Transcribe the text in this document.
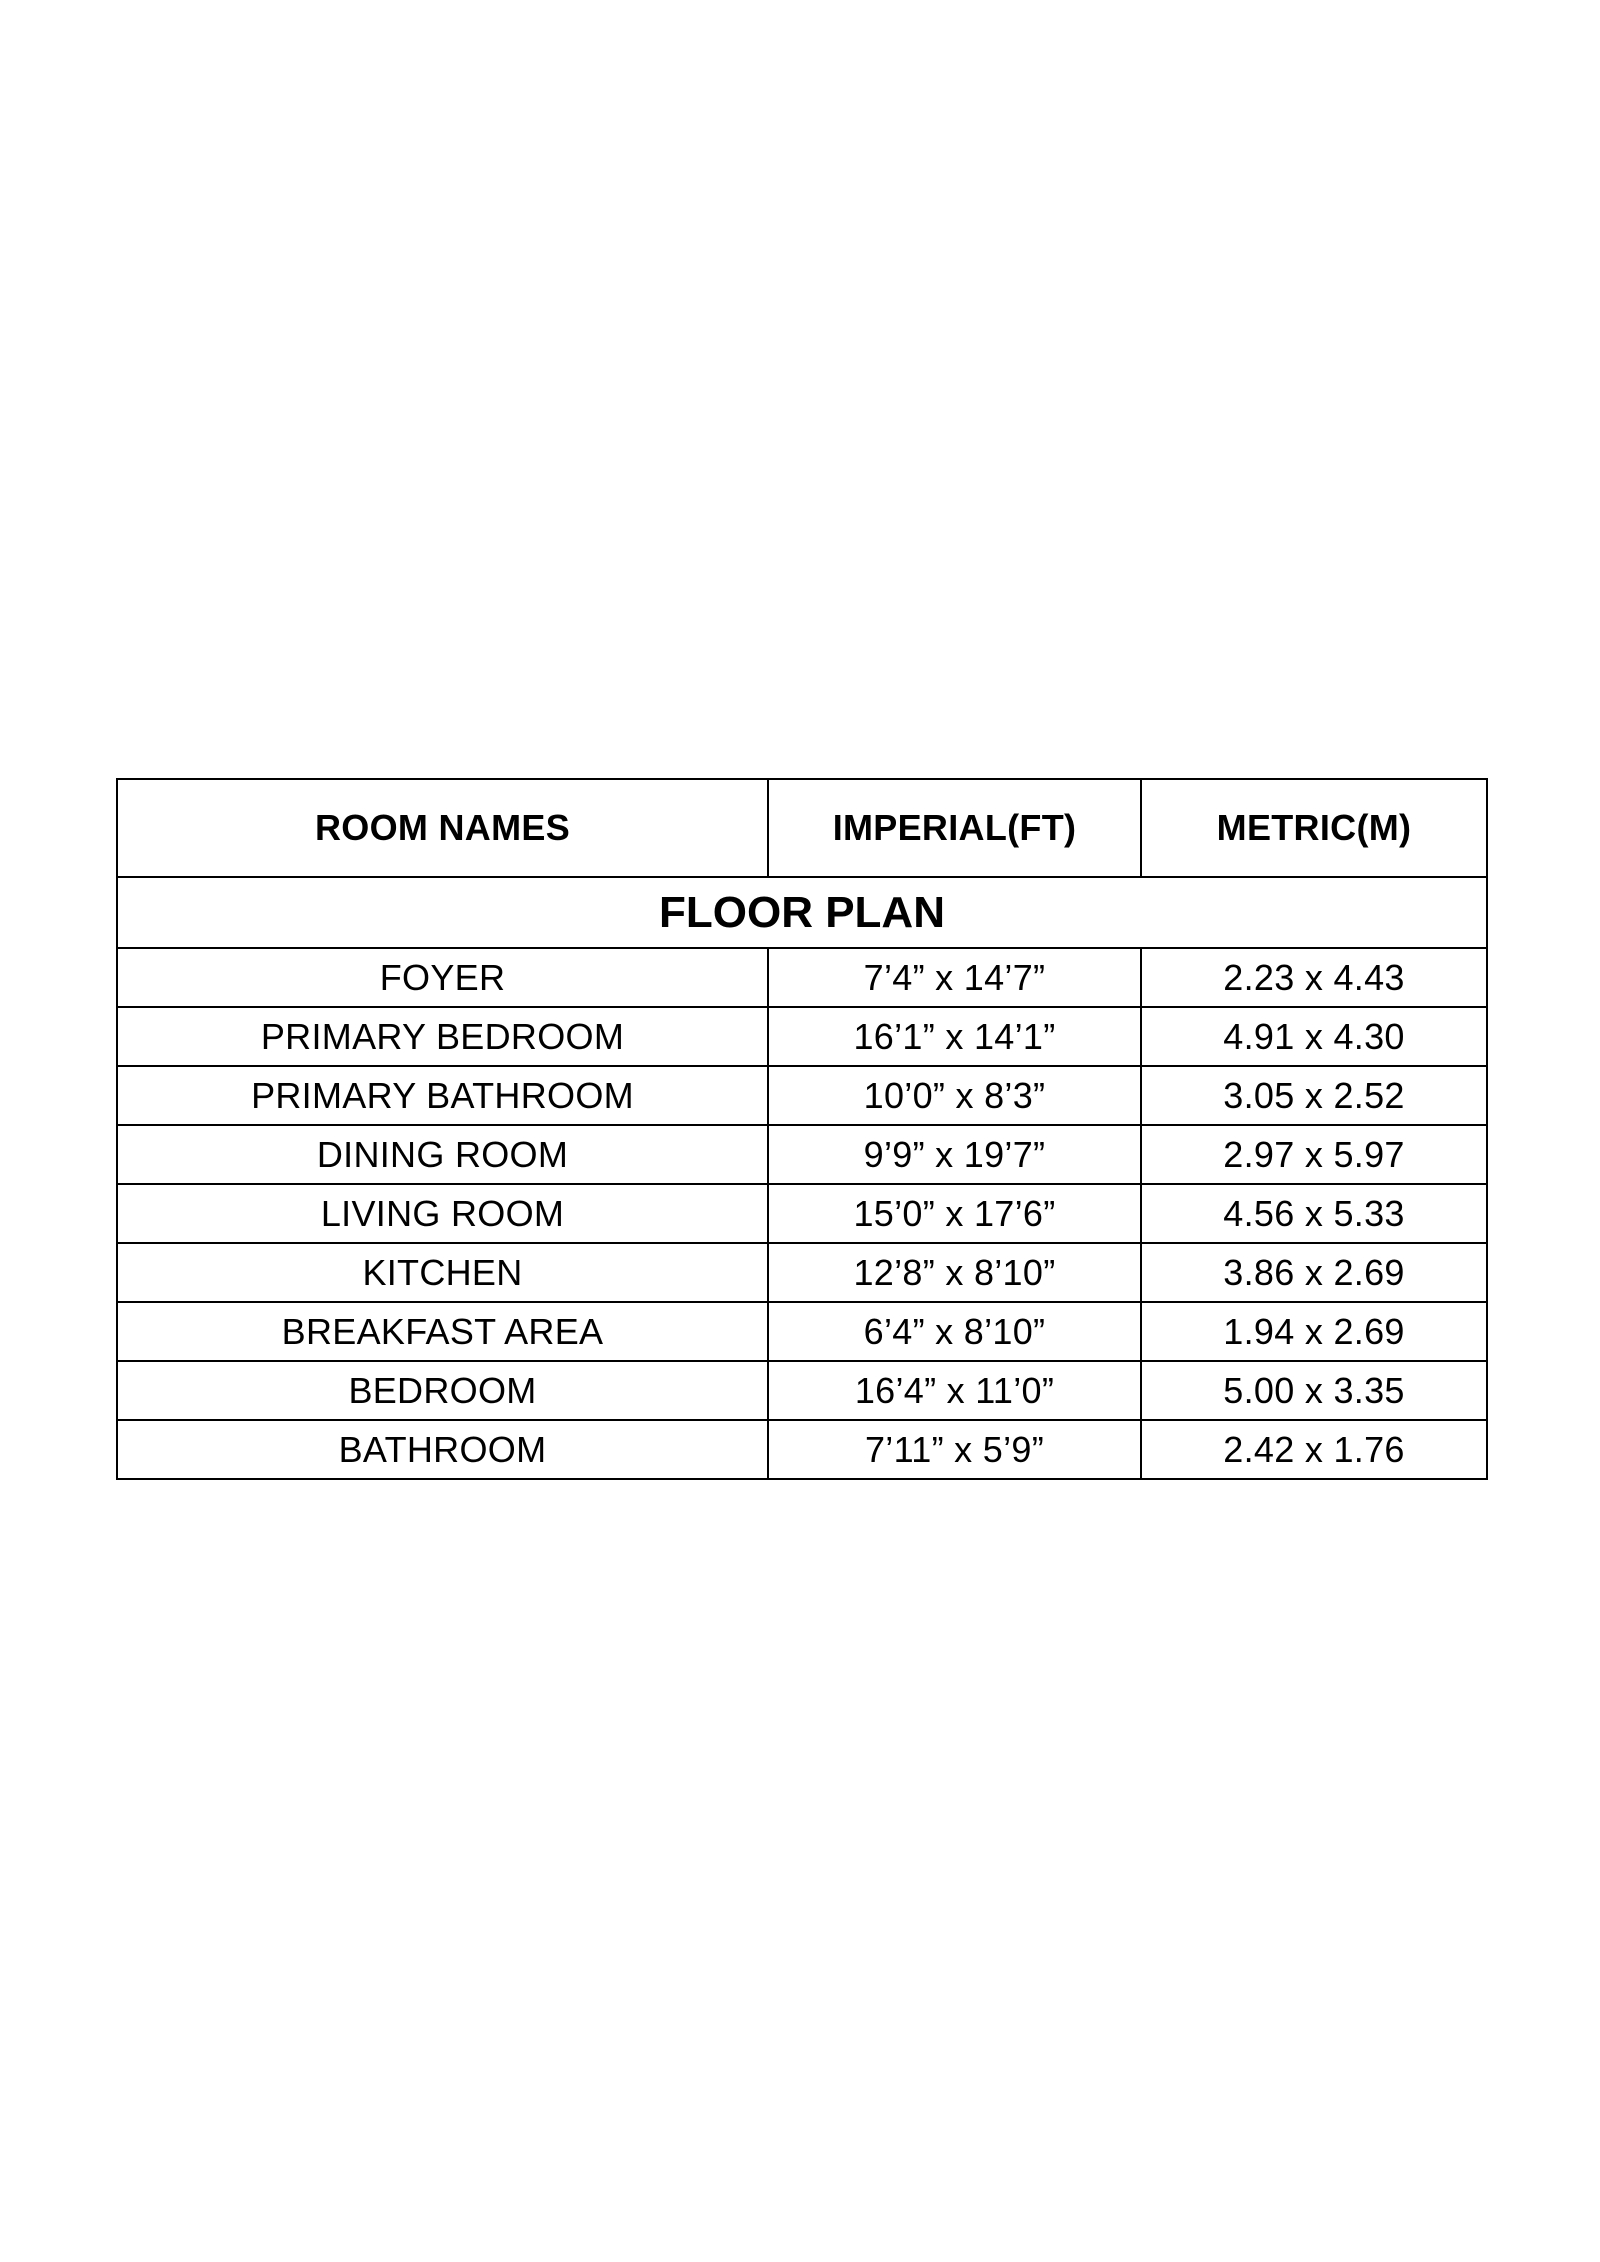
ROOM NAMES	IMPERIAL(FT)	METRIC(M)
FLOOR PLAN		
FOYER	7’4” x 14’7”	2.23 x 4.43
PRIMARY BEDROOM	16’1” x 14’1”	4.91 x 4.30
PRIMARY BATHROOM	10’0” x 8’3”	3.05 x 2.52
DINING ROOM	9’9” x 19’7”	2.97 x 5.97
LIVING ROOM	15’0” x 17’6”	4.56 x 5.33
KITCHEN	12’8” x 8’10”	3.86 x 2.69
BREAKFAST AREA	6’4” x 8’10”	1.94 x 2.69
BEDROOM	16’4” x 11’0”	5.00 x 3.35
BATHROOM	7’11” x 5’9”	2.42 x 1.76
